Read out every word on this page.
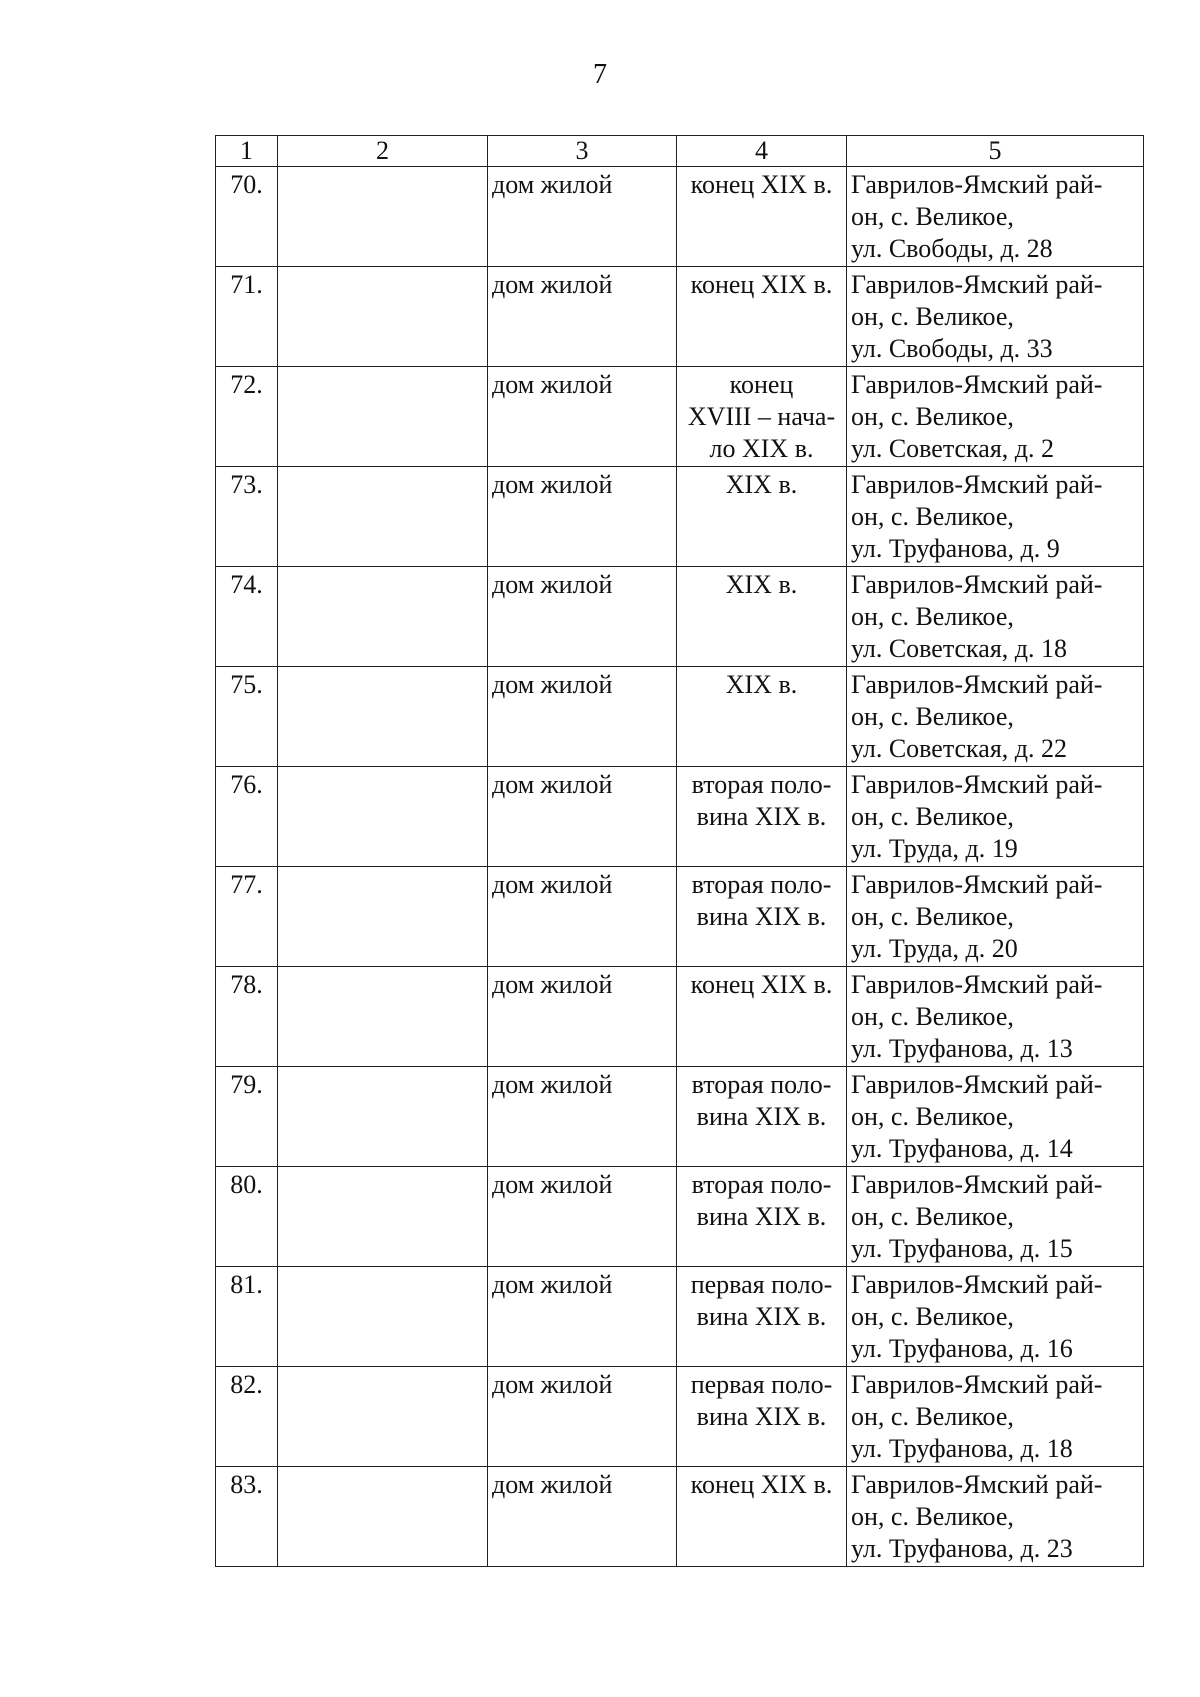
7
1	2	3	4	5
70.		дом жилой	конец XIX в.	Гаврилов-Ямский рай-
он, с. Великое,
ул. Свободы, д. 28

71.		дом жилой	конец XIX в.	Гаврилов-Ямский рай-
он, с. Великое,
ул. Свободы, д. 33

72.		дом жилой	конец
XVIII – нача-
ло XIX в.	Гаврилов-Ямский рай-
он, с. Великое,
ул. Советская, д. 2

73.		дом жилой	XIX в.	Гаврилов-Ямский рай-
он, с. Великое,
ул. Труфанова, д. 9

74.		дом жилой	XIX в.	Гаврилов-Ямский рай-
он, с. Великое,
ул. Советская, д. 18

75.		дом жилой	XIX в.	Гаврилов-Ямский рай-
он, с. Великое,
ул. Советская, д. 22

76.		дом жилой	вторая поло-
вина XIX в.	Гаврилов-Ямский рай-
он, с. Великое,
ул. Труда, д. 19

77.		дом жилой	вторая поло-
вина XIX в.	Гаврилов-Ямский рай-
он, с. Великое,
ул. Труда, д. 20

78.		дом жилой	конец XIX в.	Гаврилов-Ямский рай-
он, с. Великое,
ул. Труфанова, д. 13

79.		дом жилой	вторая поло-
вина XIX в.	Гаврилов-Ямский рай-
он, с. Великое,
ул. Труфанова, д. 14

80.		дом жилой	вторая поло-
вина XIX в.	Гаврилов-Ямский рай-
он, с. Великое,
ул. Труфанова, д. 15

81.		дом жилой	первая поло-
вина XIX в.	Гаврилов-Ямский рай-
он, с. Великое,
ул. Труфанова, д. 16

82.		дом жилой	первая поло-
вина XIX в.	Гаврилов-Ямский рай-
он, с. Великое,
ул. Труфанова, д. 18

83.		дом жилой	конец XIX в.	Гаврилов-Ямский рай-
он, с. Великое,
ул. Труфанова, д. 23
